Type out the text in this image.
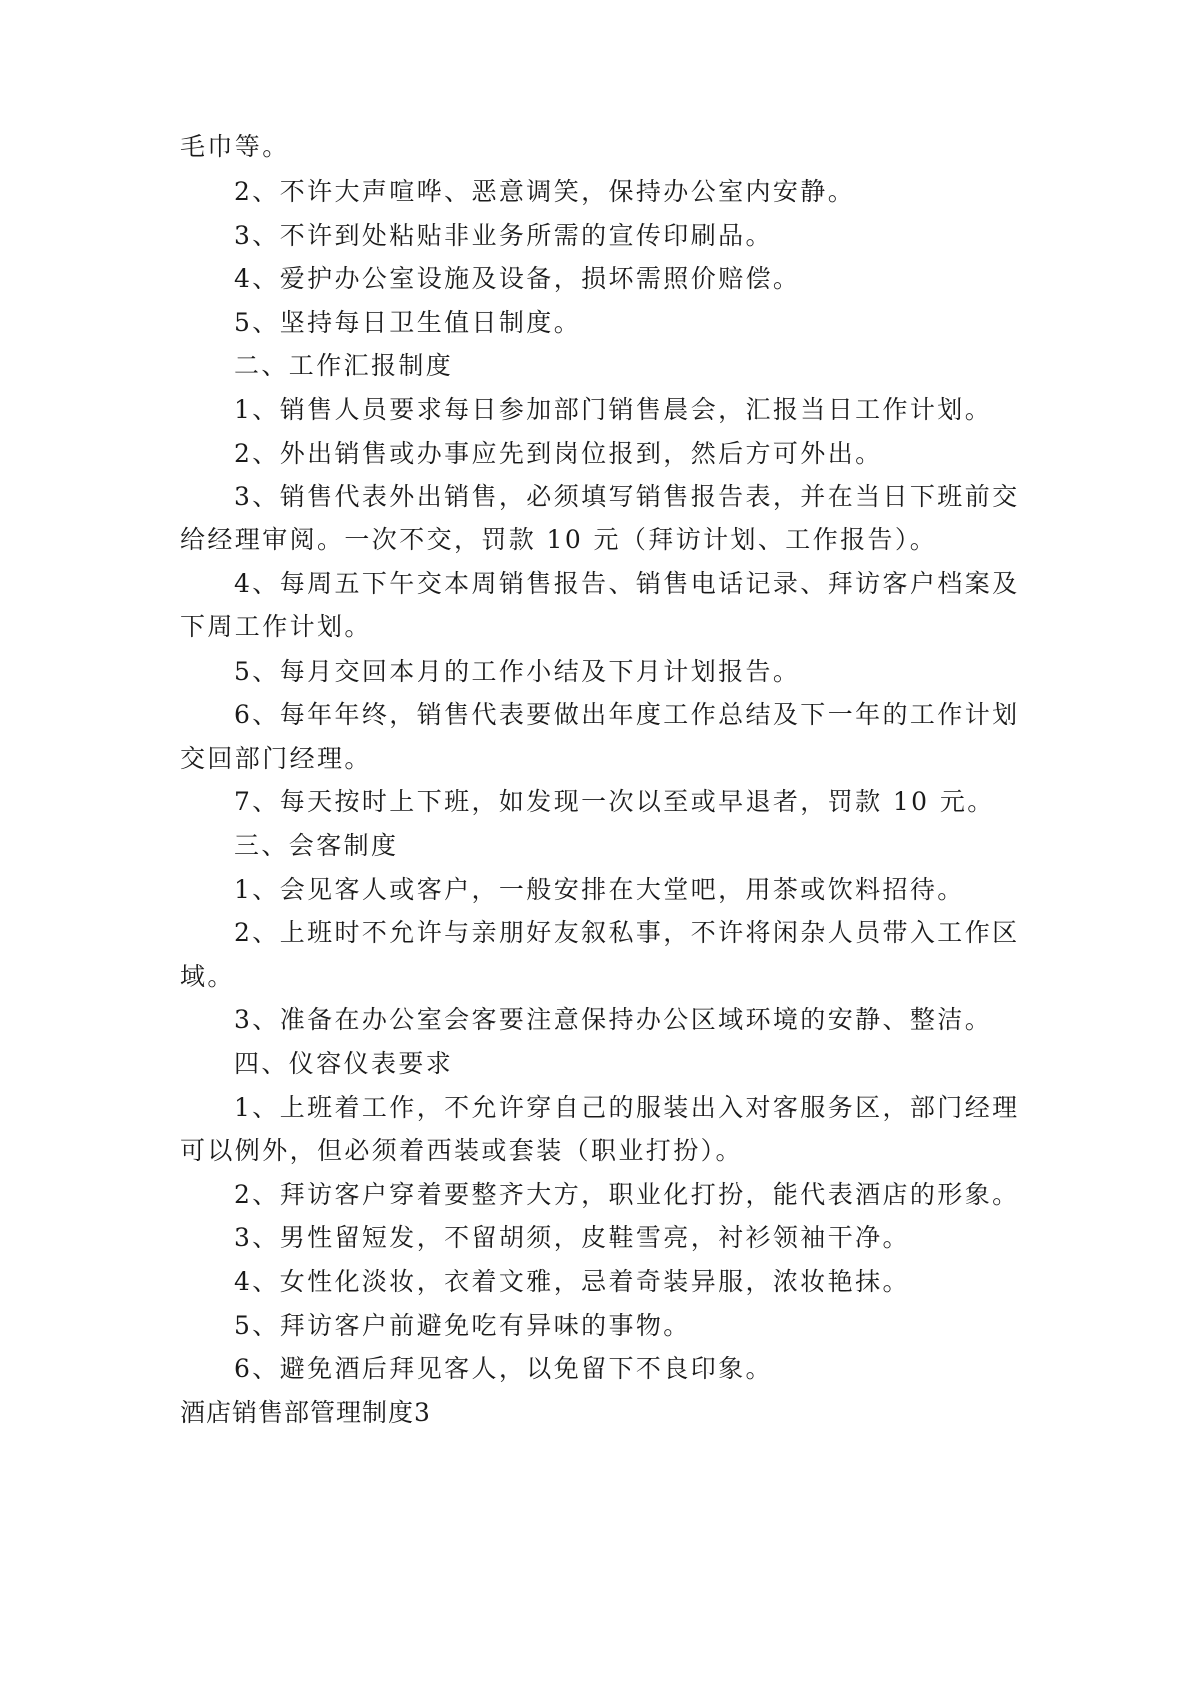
毛巾等。
2、不许大声喧哗、恶意调笑，保持办公室内安静。
3、不许到处粘贴非业务所需的宣传印刷品。
4、爱护办公室设施及设备，损坏需照价赔偿。
5、坚持每日卫生值日制度。
二、工作汇报制度
1、销售人员要求每日参加部门销售晨会，汇报当日工作计划。
2、外出销售或办事应先到岗位报到，然后方可外出。
3、销售代表外出销售，必须填写销售报告表，并在当日下班前交
给经理审阅。一次不交，罚款 10 元（拜访计划、工作报告）。
4、每周五下午交本周销售报告、销售电话记录、拜访客户档案及
下周工作计划。
5、每月交回本月的工作小结及下月计划报告。
6、每年年终，销售代表要做出年度工作总结及下一年的工作计划
交回部门经理。
7、每天按时上下班，如发现一次以至或早退者，罚款 10 元。
三、会客制度
1、会见客人或客户，一般安排在大堂吧，用茶或饮料招待。
2、上班时不允许与亲朋好友叙私事，不许将闲杂人员带入工作区
域。
3、准备在办公室会客要注意保持办公区域环境的安静、整洁。
四、仪容仪表要求
1、上班着工作，不允许穿自己的服装出入对客服务区，部门经理
可以例外，但必须着西装或套装（职业打扮）。
2、拜访客户穿着要整齐大方，职业化打扮，能代表酒店的形象。
3、男性留短发，不留胡须，皮鞋雪亮，衬衫领袖干净。
4、女性化淡妆，衣着文雅，忌着奇装异服，浓妆艳抹。
5、拜访客户前避免吃有异味的事物。
6、避免酒后拜见客人，以免留下不良印象。
酒店销售部管理制度3
